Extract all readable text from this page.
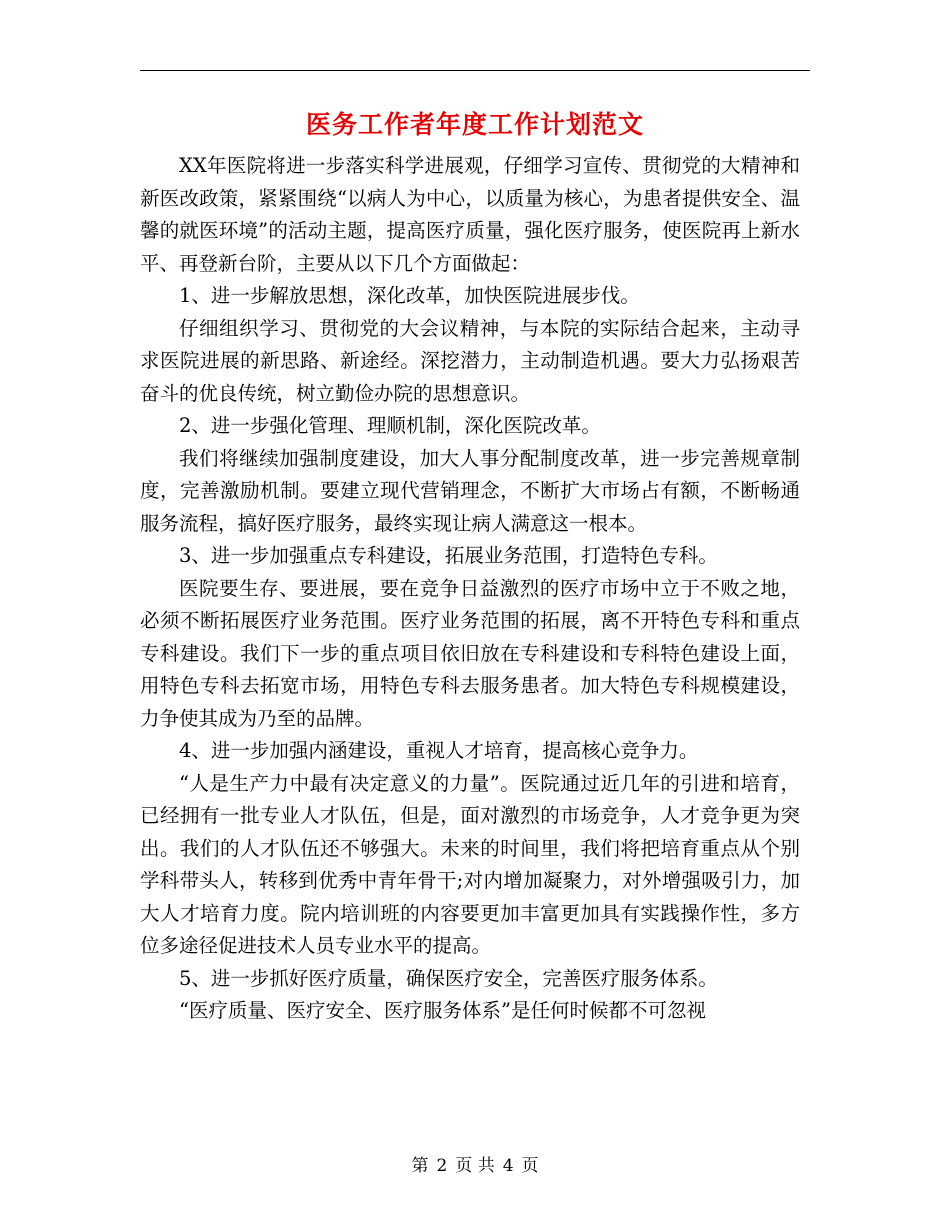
医务工作者年度工作计划范文

XX年医院将进一步落实科学进展观，仔细学习宣传、贯彻党的大精神和新医改政策，紧紧围绕“以病人为中心，以质量为核心，为患者提供安全、温馨的就医环境”的活动主题，提高医疗质量，强化医疗服务，使医院再上新水平、再登新台阶，主要从以下几个方面做起：

1、进一步解放思想，深化改革，加快医院进展步伐。

仔细组织学习、贯彻党的大会议精神，与本院的实际结合起来，主动寻求医院进展的新思路、新途经。深挖潜力，主动制造机遇。要大力弘扬艰苦奋斗的优良传统，树立勤俭办院的思想意识。

2、进一步强化管理、理顺机制，深化医院改革。

我们将继续加强制度建设，加大人事分配制度改革，进一步完善规章制度，完善激励机制。要建立现代营销理念，不断扩大市场占有额，不断畅通服务流程，搞好医疗服务，最终实现让病人满意这一根本。

3、进一步加强重点专科建设，拓展业务范围，打造特色专科。

医院要生存、要进展，要在竞争日益激烈的医疗市场中立于不败之地，必须不断拓展医疗业务范围。医疗业务范围的拓展，离不开特色专科和重点专科建设。我们下一步的重点项目依旧放在专科建设和专科特色建设上面，用特色专科去拓宽市场，用特色专科去服务患者。加大特色专科规模建设，力争使其成为乃至的品牌。

4、进一步加强内涵建设，重视人才培育，提高核心竞争力。

“人是生产力中最有决定意义的力量”。医院通过近几年的引进和培育，已经拥有一批专业人才队伍，但是，面对激烈的市场竞争，人才竞争更为突出。我们的人才队伍还不够强大。未来的时间里，我们将把培育重点从个别学科带头人，转移到优秀中青年骨干;对内增加凝聚力，对外增强吸引力，加大人才培育力度。院内培训班的内容要更加丰富更加具有实践操作性，多方位多途径促进技术人员专业水平的提高。

5、进一步抓好医疗质量，确保医疗安全，完善医疗服务体系。

“医疗质量、医疗安全、医疗服务体系”是任何时候都不可忽视

第 2 页 共 4 页
